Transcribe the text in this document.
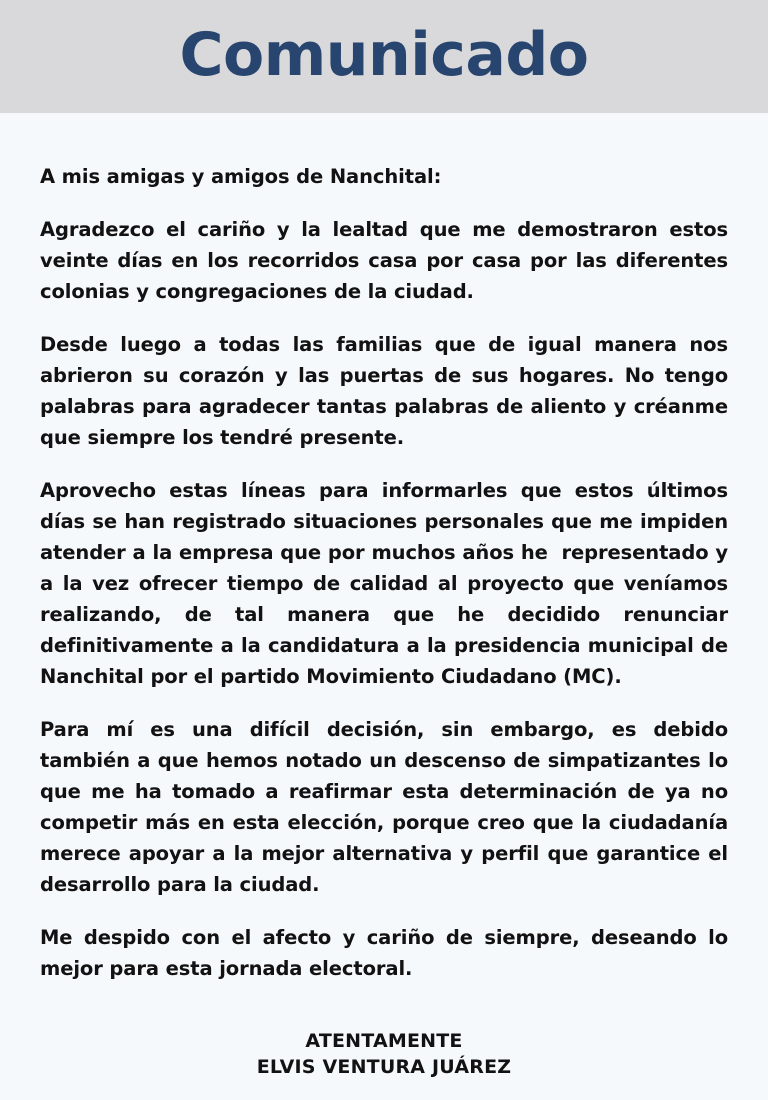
Comunicado

A mis amigas y amigos de Nanchital:

Agradezco el cariño y la lealtad que me demostraron estos veinte días en los recorridos casa por casa por las diferentes colonias y congregaciones de la ciudad.

Desde luego a todas las familias que de igual manera nos abrieron su corazón y las puertas de sus hogares. No tengo palabras para agradecer tantas palabras de aliento y créanme que siempre los tendré presente.

Aprovecho estas líneas para informarles que estos últimos días se han registrado situaciones personales que me impiden atender a la empresa que por muchos años he  representado y a la vez ofrecer tiempo de calidad al proyecto que veníamos realizando, de tal manera que he decidido renunciar definitivamente a la candidatura a la presidencia municipal de Nanchital por el partido Movimiento Ciudadano (MC).

Para mí es una difícil decisión, sin embargo, es debido también a que hemos notado un descenso de simpatizantes lo que me ha tomado a reafirmar esta determinación de ya no competir más en esta elección, porque creo que la ciudadanía merece apoyar a la mejor alternativa y perfil que garantice el desarrollo para la ciudad.

Me despido con el afecto y cariño de siempre, deseando lo mejor para esta jornada electoral.

ATENTAMENTE

ELVIS VENTURA JUÁREZ
